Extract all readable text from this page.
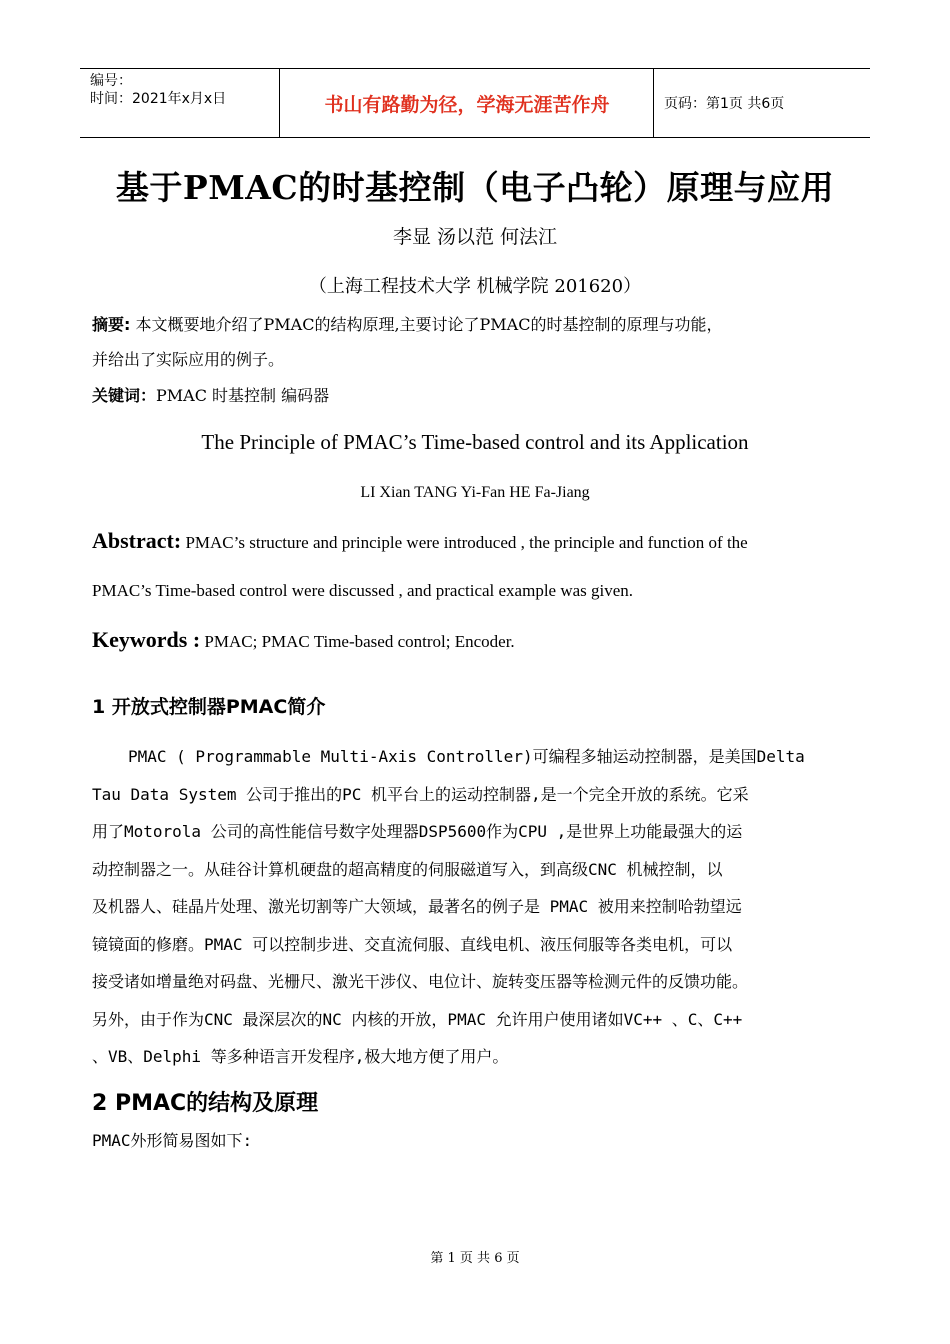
编号：
时间：2021年x月x日	书山有路勤为径，学海无涯苦作舟	页码：第1页 共6页
基于PMAC的时基控制（电子凸轮）原理与应用
李显 汤以范 何法江
（上海工程技术大学 机械学院 201620）
摘要: 本文概要地介绍了PMAC的结构原理,主要讨论了PMAC的时基控制的原理与功能，
并给出了实际应用的例子。
关键词：PMAC 时基控制 编码器
The Principle of PMAC’s Time-based control and its Application
LI Xian TANG Yi-Fan HE Fa-Jiang
Abstract: PMAC’s structure and principle were introduced , the principle and function of the
PMAC’s Time-based control were discussed , and practical example was given.
Keywords : PMAC; PMAC Time-based control; Encoder.
1 开放式控制器PMAC简介
PMAC ( Programmable Multi-Axis Controller)可编程多轴运动控制器，是美国Delta
Tau Data System 公司于推出的PC 机平台上的运动控制器,是一个完全开放的系统。它采
用了Motorola 公司的高性能信号数字处理器DSP5600作为CPU ,是世界上功能最强大的运
动控制器之一。从硅谷计算机硬盘的超高精度的伺服磁道写入，到高级CNC 机械控制，以
及机器人、硅晶片处理、激光切割等广大领域，最著名的例子是 PMAC 被用来控制哈勃望远
镜镜面的修磨。PMAC 可以控制步进、交直流伺服、直线电机、液压伺服等各类电机，可以
接受诸如增量绝对码盘、光栅尺、激光干涉仪、电位计、旋转变压器等检测元件的反馈功能。
另外，由于作为CNC 最深层次的NC 内核的开放，PMAC 允许用户使用诸如VC++ 、C、C++
、VB、Delphi 等多种语言开发程序,极大地方便了用户。
2 PMAC的结构及原理
PMAC外形简易图如下:
第 1 页 共 6 页
